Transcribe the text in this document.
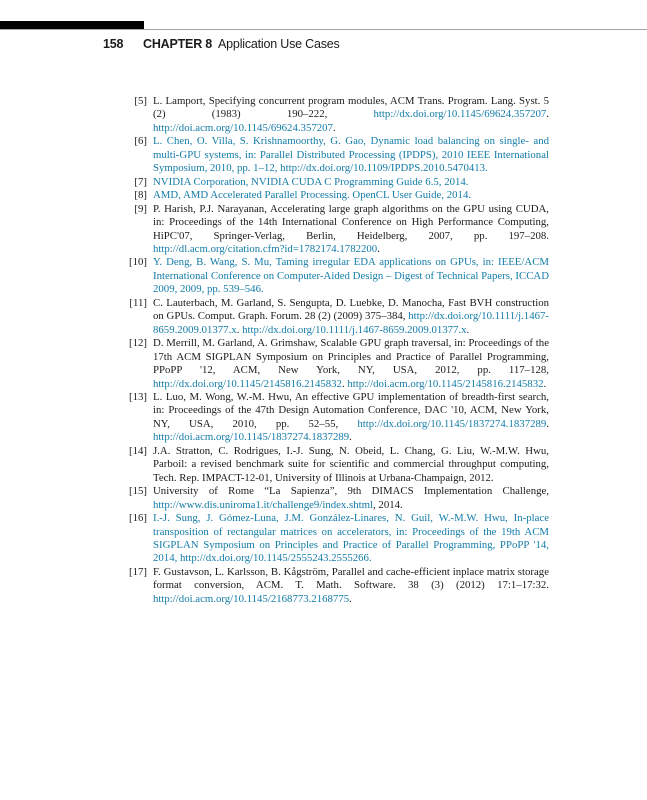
158	CHAPTER 8 Application Use Cases
[5] L. Lamport, Specifying concurrent program modules, ACM Trans. Program. Lang. Syst. 5 (2) (1983) 190–222, http://dx.doi.org/10.1145/69624.357207. http://doi.acm.org/10.1145/69624.357207.
[6] L. Chen, O. Villa, S. Krishnamoorthy, G. Gao, Dynamic load balancing on single- and multi-GPU systems, in: Parallel Distributed Processing (IPDPS), 2010 IEEE International Symposium, 2010, pp. 1–12, http://dx.doi.org/10.1109/IPDPS.2010.5470413.
[7] NVIDIA Corporation, NVIDIA CUDA C Programming Guide 6.5, 2014.
[8] AMD, AMD Accelerated Parallel Processing. OpenCL User Guide, 2014.
[9] P. Harish, P.J. Narayanan, Accelerating large graph algorithms on the GPU using CUDA, in: Proceedings of the 14th International Conference on High Performance Computing, HiPC'07, Springer-Verlag, Berlin, Heidelberg, 2007, pp. 197–208. http://dl.acm.org/citation.cfm?id=1782174.1782200.
[10] Y. Deng, B. Wang, S. Mu, Taming irregular EDA applications on GPUs, in: IEEE/ACM International Conference on Computer-Aided Design – Digest of Technical Papers, ICCAD 2009, 2009, pp. 539–546.
[11] C. Lauterbach, M. Garland, S. Sengupta, D. Luebke, D. Manocha, Fast BVH construction on GPUs. Comput. Graph. Forum. 28 (2) (2009) 375–384, http://dx.doi.org/10.1111/j.1467-8659.2009.01377.x. http://dx.doi.org/10.1111/j.1467-8659.2009.01377.x.
[12] D. Merrill, M. Garland, A. Grimshaw, Scalable GPU graph traversal, in: Proceedings of the 17th ACM SIGPLAN Symposium on Principles and Practice of Parallel Programming, PPoPP '12, ACM, New York, NY, USA, 2012, pp. 117–128, http://dx.doi.org/10.1145/2145816.2145832. http://doi.acm.org/10.1145/2145816.2145832.
[13] L. Luo, M. Wong, W.-M. Hwu, An effective GPU implementation of breadth-first search, in: Proceedings of the 47th Design Automation Conference, DAC '10, ACM, New York, NY, USA, 2010, pp. 52–55, http://dx.doi.org/10.1145/1837274.1837289. http://doi.acm.org/10.1145/1837274.1837289.
[14] J.A. Stratton, C. Rodrigues, I.-J. Sung, N. Obeid, L. Chang, G. Liu, W.-M.W. Hwu, Parboil: a revised benchmark suite for scientific and commercial throughput computing, Tech. Rep. IMPACT-12-01, University of Illinois at Urbana-Champaign, 2012.
[15] University of Rome “La Sapienza”, 9th DIMACS Implementation Challenge, http://www.dis.uniroma1.it/challenge9/index.shtml, 2014.
[16] I.-J. Sung, J. Gómez-Luna, J.M. González-Linares, N. Guil, W.-M.W. Hwu, In-place transposition of rectangular matrices on accelerators, in: Proceedings of the 19th ACM SIGPLAN Symposium on Principles and Practice of Parallel Programming, PPoPP '14, 2014, http://dx.doi.org/10.1145/2555243.2555266.
[17] F. Gustavson, L. Karlsson, B. Kågström, Parallel and cache-efficient inplace matrix storage format conversion, ACM. T. Math. Software. 38 (3) (2012) 17:1–17:32. http://doi.acm.org/10.1145/2168773.2168775.
